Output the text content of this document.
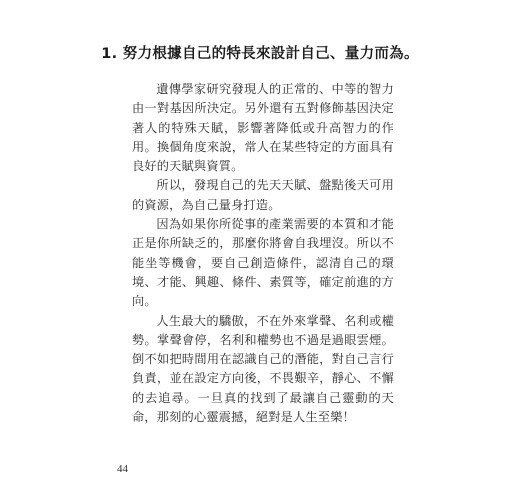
1. 努力根據自己的特長來設計自己、量力而為。

遺傳學家研究發現人的正常的、中等的智力由一對基因所決定。另外還有五對修飾基因決定著人的特殊天賦，影響著降低或升高智力的作用。換個角度來說，常人在某些特定的方面具有良好的天賦與資質。

所以，發現自己的先天天賦、盤點後天可用的資源，為自己量身打造。

因為如果你所從事的產業需要的本質和才能正是你所缺乏的，那麼你將會自我埋沒。所以不能坐等機會，要自己創造條件，認清自己的環境、才能、興趣、條件、素質等，確定前進的方向。

人生最大的驕傲，不在外來掌聲、名利或權勢。掌聲會停，名利和權勢也不過是過眼雲煙。倒不如把時間用在認識自己的潛能，對自己言行負責，並在設定方向後，不畏艱辛，靜心、不懈的去追尋。一旦真的找到了最讓自己靈動的天命，那刻的心靈震撼，絕對是人生至樂！

44
